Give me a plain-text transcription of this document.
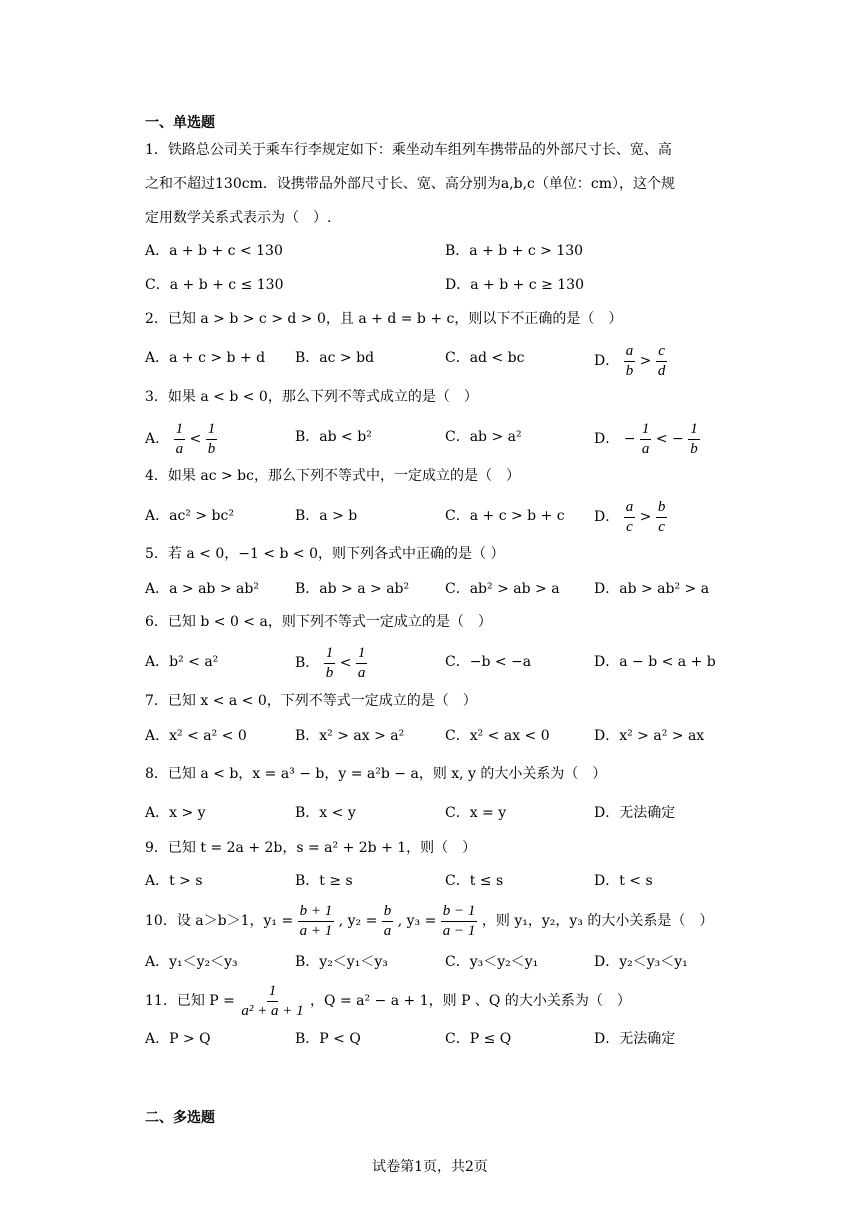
一、单选题
1．铁路总公司关于乘车行李规定如下：乘坐动车组列车携带品的外部尺寸长、宽、高
之和不超过130cm．设携带品外部尺寸长、宽、高分别为a,b,c（单位：cm），这个规
定用数学关系式表示为（　）.
A．a + b + c < 130	B．a + b + c > 130
C．a + b + c ≤ 130	D．a + b + c ≥ 130
2．已知 a > b > c > d > 0，且 a + d = b + c，则以下不正确的是（　）
A．a + c > b + d B．ac > bd	C．ad < bc	D． $\frac{a}{b} > \frac{c}{d}$
3．如果 a < b < 0，那么下列不等式成立的是（　）
A． $\frac{1}{a} < \frac{1}{b}$	B．ab < b²	C．ab > a²	D． − $\frac{1}{a}$ < − $\frac{1}{b}$
4．如果 ac > bc，那么下列不等式中，一定成立的是（　）
A．ac² > bc²	B．a > b	C．a + c > b + c D． $\frac{a}{c} > \frac{b}{c}$
5．若 a < 0，−1 < b < 0，则下列各式中正确的是（ ）
A．a > ab > ab²	B．ab > a > ab²	C．ab² > ab > a D．ab > ab² > a
6．已知 b < 0 < a，则下列不等式一定成立的是（　）
A．b² < a²	B． $\frac{1}{b} < \frac{1}{a}$	C．−b < −a	D．a − b < a + b
7．已知 x < a < 0，下列不等式一定成立的是（　）
A．x² < a² < 0	B．x² > ax > a²	C．x² < ax < 0	D．x² > a² > ax
8．已知 a < b，x = a³ − b，y = a²b − a，则 x, y 的大小关系为（　）
A．x > y	B．x < y	C．x = y	D．无法确定
9．已知 t = 2a + 2b，s = a² + 2b + 1，则（　）
A．t > s	B．t ≥ s	C．t ≤ s	D．t < s
10．设 a＞b＞1，$y_1 = \frac{b + 1}{a + 1}$ , $y_2 = \frac{b}{a}$ , $y_3 = \frac{b - 1}{a - 1}$ ，则 y₁，y₂，y₃ 的大小关系是（　）
A．y₁＜y₂＜y₃	B．y₂＜y₁＜y₃	C．y₃＜y₂＜y₁	D．y₂＜y₃＜y₁
11．已知 $P = \frac{1}{\text{a² + a + 1}}$ ，Q = a² − a + 1，则 P 、Q 的大小关系为（　）
A．P > Q	B．P < Q	C．P ≤ Q	D．无法确定
二、多选题
试卷第1页，共2页
